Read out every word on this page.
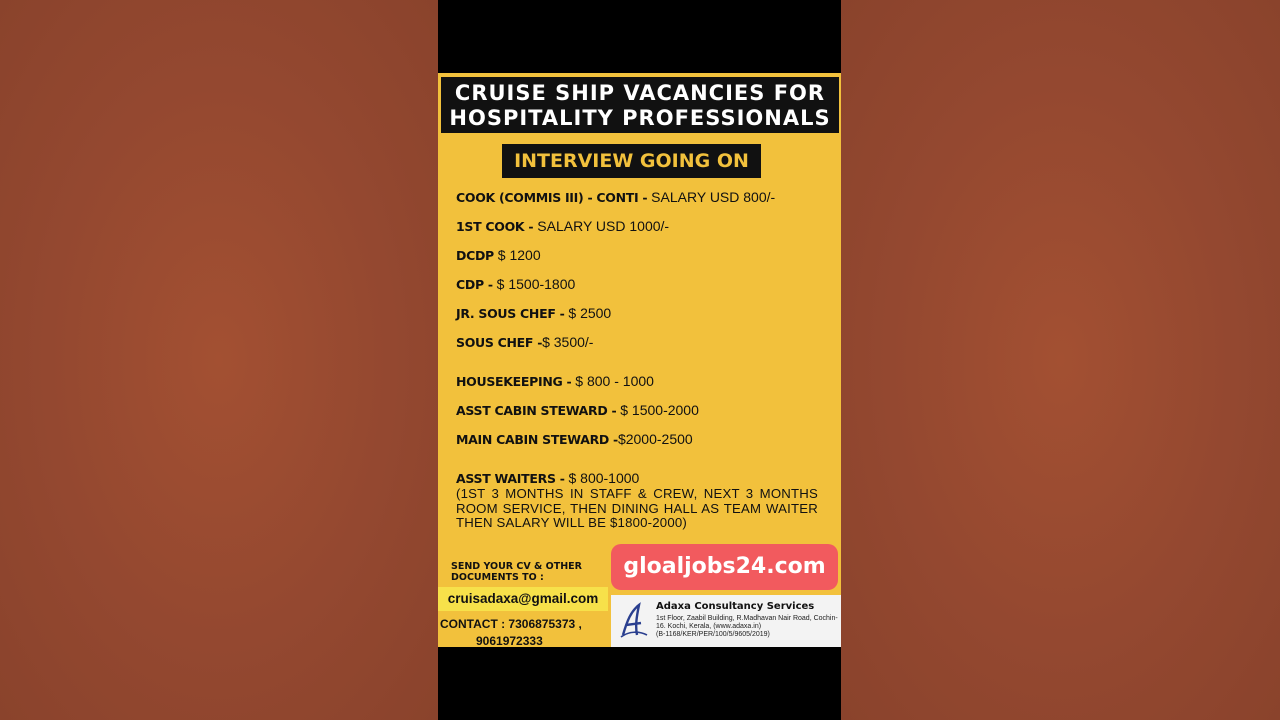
CRUISE SHIP VACANCIES FOR
HOSPITALITY PROFESSIONALS
INTERVIEW GOING ON
COOK (COMMIS III) - CONTI - SALARY USD 800/-
1ST COOK - SALARY USD 1000/-
DCDP $ 1200
CDP - $ 1500-1800
JR. SOUS CHEF - $ 2500
SOUS CHEF -$ 3500/-
HOUSEKEEPING - $ 800 - 1000
ASST CABIN STEWARD - $ 1500-2000
MAIN CABIN STEWARD -$2000-2500
ASST WAITERS - $ 800-1000
(1ST 3 MONTHS IN STAFF & CREW, NEXT 3 MONTHS ROOM SERVICE, THEN DINING HALL AS TEAM WAITER THEN SALARY WILL BE $1800-2000)
SEND YOUR CV & OTHER DOCUMENTS TO :
cruisadaxa@gmail.com
CONTACT : 7306875373 ,
9061972333
gloaljobs24.com
Adaxa Consultancy Services
1st Floor, Zaabil Building, R.Madhavan Nair Road, Cochin-16. Kochi, Kerala, (www.adaxa.in)
(B-1168/KER/PER/100/5/9605/2019)
